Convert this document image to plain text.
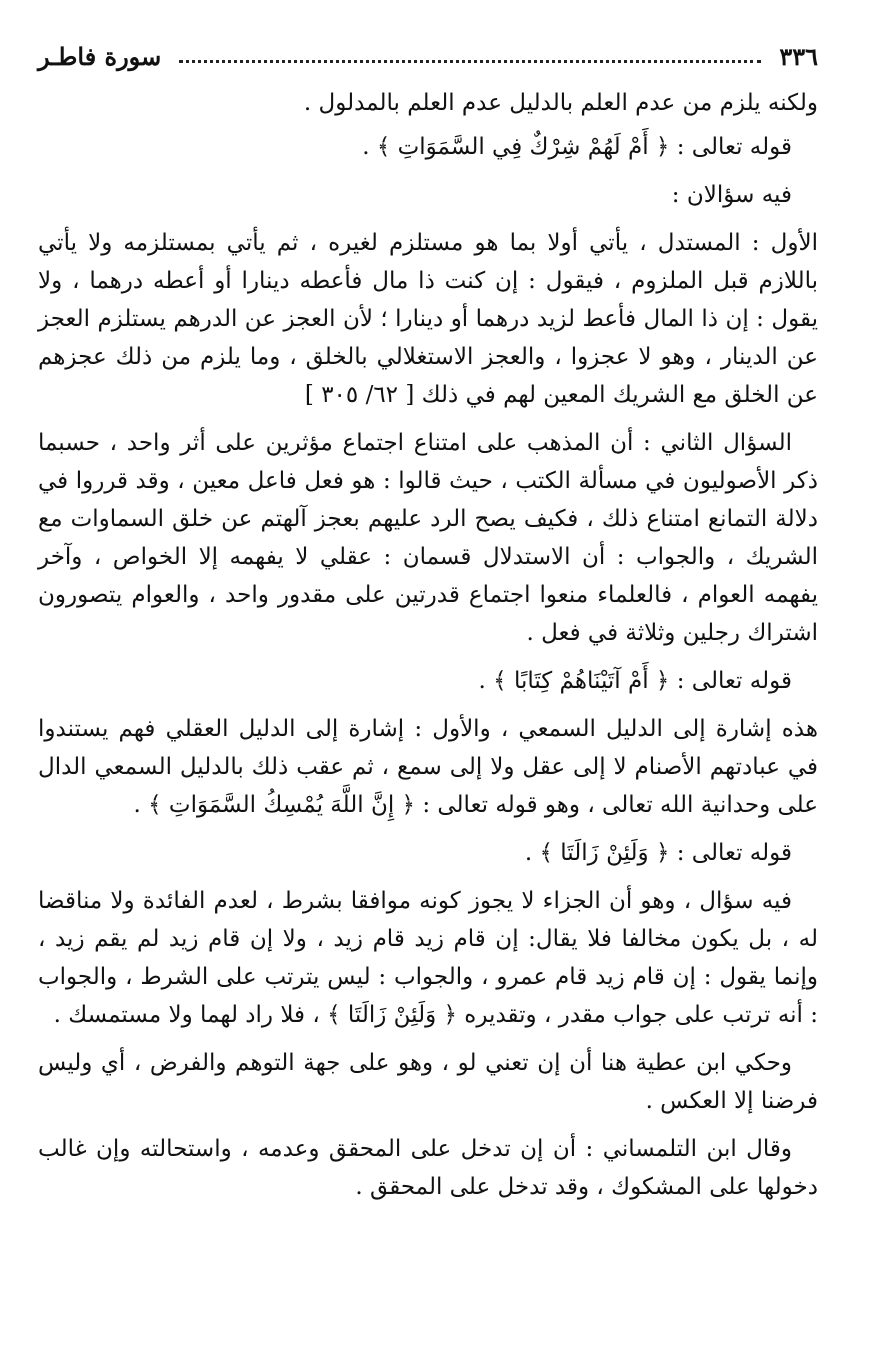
٣٣٦
سورة فاطـر

ولكنه يلزم من عدم العلم بالدليل عدم العلم بالمدلول .

قوله تعالى : ﴿ أَمْ لَهُمْ شِرْكٌ فِي السَّمَوَاتِ ﴾ .

فيه سؤالان :

الأول : المستدل ، يأتي أولا بما هو مستلزم لغيره ، ثم يأتي بمستلزمه ولا يأتي باللازم قبل الملزوم ، فيقول : إن كنت ذا مال فأعطه دينارا أو أعطه درهما ، ولا يقول : إن ذا المال فأعط لزيد درهما أو دينارا ؛ لأن العجز عن الدرهم يستلزم العجز عن الدينار ، وهو لا عجزوا ، والعجز الاستغلالي بالخلق ، وما يلزم من ذلك عجزهم عن الخلق مع الشريك المعين لهم في ذلك [ ٦٢/ ٣٠٥ ]

السؤال الثاني : أن المذهب على امتناع اجتماع مؤثرين على أثر واحد ، حسبما ذكر الأصوليون في مسألة الكتب ، حيث قالوا : هو فعل فاعل معين ، وقد قرروا في دلالة التمانع امتناع ذلك ، فكيف يصح الرد عليهم بعجز آلهتم عن خلق السماوات مع الشريك ، والجواب : أن الاستدلال قسمان : عقلي لا يفهمه إلا الخواص ، وآخر يفهمه العوام ، فالعلماء منعوا اجتماع قدرتين على مقدور واحد ، والعوام يتصورون اشتراك رجلين وثلاثة في فعل .

قوله تعالى : ﴿ أَمْ آتَيْنَاهُمْ كِتَابًا ﴾ .

هذه إشارة إلى الدليل السمعي ، والأول : إشارة إلى الدليل العقلي فهم يستندوا في عبادتهم الأصنام لا إلى عقل ولا إلى سمع ، ثم عقب ذلك بالدليل السمعي الدال على وحدانية الله تعالى ، وهو قوله تعالى : ﴿ إِنَّ اللَّهَ يُمْسِكُ السَّمَوَاتِ ﴾ .

قوله تعالى : ﴿ وَلَئِنْ زَالَتَا ﴾ .

فيه سؤال ، وهو أن الجزاء لا يجوز كونه موافقا بشرط ، لعدم الفائدة ولا مناقضا له ، بل يكون مخالفا فلا يقال: إن قام زيد قام زيد ، ولا إن قام زيد لم يقم زيد ، وإنما يقول : إن قام زيد قام عمرو ، والجواب : ليس يترتب على الشرط ، والجواب : أنه ترتب على جواب مقدر ، وتقديره ﴿ وَلَئِنْ زَالَتَا ﴾ ، فلا راد لهما ولا مستمسك .

وحكي ابن عطية هنا أن إن تعني لو ، وهو على جهة التوهم والفرض ، أي وليس فرضنا إلا العكس .

وقال ابن التلمساني : أن إن تدخل على المحقق وعدمه ، واستحالته وإن غالب دخولها على المشكوك ، وقد تدخل على المحقق .
